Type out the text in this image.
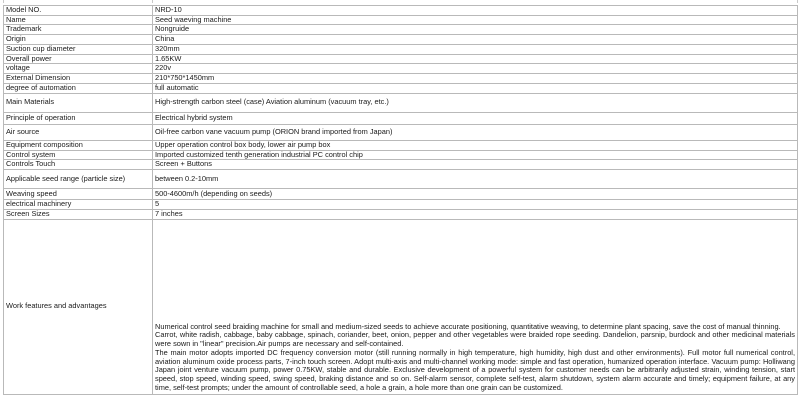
Model NO.	NRD-10
Name	Seed waeving machine
Trademark	Nongruide
Origin	China
Suction cup diameter	320mm
Overall power	1.65KW
voltage	220v
External Dimension	210*750*1450mm
degree of automation	full automatic
Main Materials	High-strength carbon steel (case) Aviation aluminum (vacuum tray, etc.)
Principle of operation	Electrical hybrid system
Air source	Oil-free carbon vane vacuum pump (ORION brand imported from Japan)
Equipment composition	Upper operation control box body, lower air pump box
Control system	Imported customized tenth generation industrial PC control chip
Controls Touch	Screen + Buttons
Applicable seed range (particle size)	between 0.2-10mm
Weaving speed	500-4600m/h (depending on seeds)
electrical machinery	5
Screen Sizes	7 inches
Work features and advantages	Numerical control seed braiding machine for small and medium-sized seeds to achieve accurate positioning, quantitative weaving, to determine plant spacing, save the cost of manual thinning.
Carrot, white radish, cabbage, baby cabbage, spinach, coriander, beet, onion, pepper and other vegetables were braided rope seeding. Dandelion, parsnip, burdock and other medicinal materials were sown in "linear" precision.Air pumps are necessary and self-contained.
The main motor adopts imported DC frequency conversion motor (still running normally in high temperature, high humidity, high dust and other environments). Full motor full numerical control, aviation aluminum oxide process parts, 7-inch touch screen. Adopt multi-axis and multi-channel working mode: simple and fast operation, humanized operation interface. Vacuum pump: Holliwang Japan joint venture vacuum pump, power 0.75KW, stable and durable. Exclusive development of a powerful system for customer needs can be arbitrarily adjusted strain, winding tension, start speed, stop speed, winding speed, swing speed, braking distance and so on. Self-alarm sensor, complete self-test, alarm shutdown, system alarm accurate and timely; equipment failure, at any time, self-test prompts; under the amount of controllable seed, a hole a grain, a hole more than one grain can be customized.
